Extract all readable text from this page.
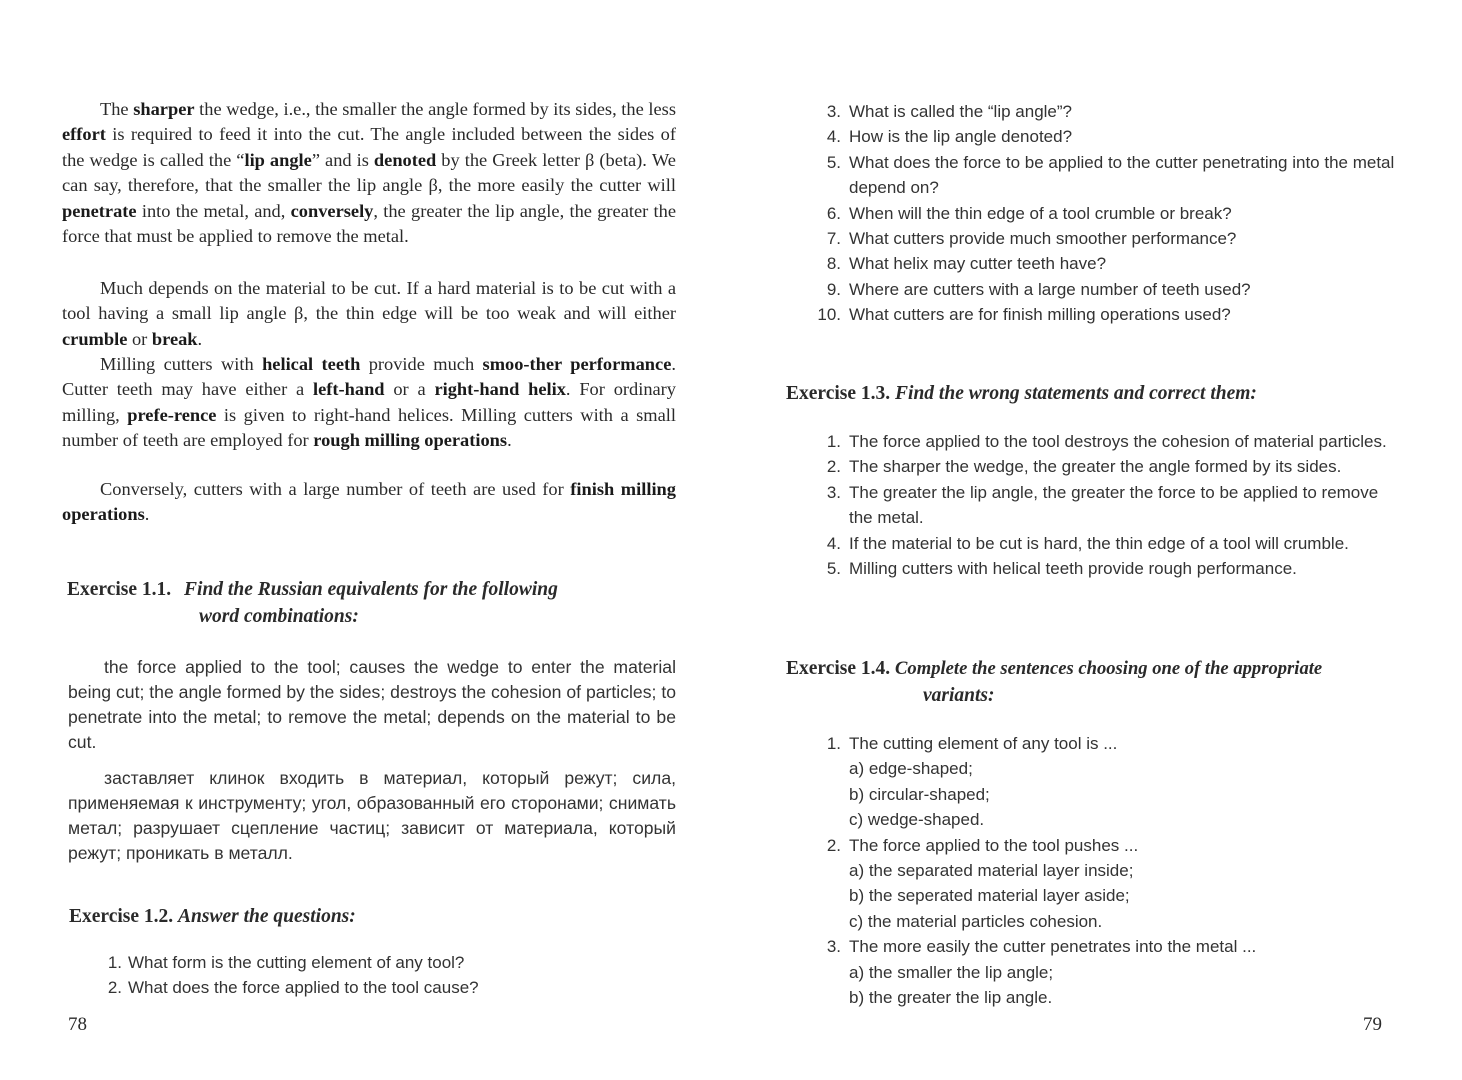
The sharper the wedge, i.e., the smaller the angle formed by its sides, the less effort is required to feed it into the cut. The angle included between the sides of the wedge is called the “lip angle” and is denoted by the Greek letter β (beta). We can say, therefore, that the smaller the lip angle β, the more easily the cutter will penetrate into the metal, and, conversely, the greater the lip angle, the greater the force that must be applied to remove the metal.

Much depends on the material to be cut. If a hard material is to be cut with a tool having a small lip angle β, the thin edge will be too weak and will either crumble or break.

Milling cutters with helical teeth provide much smoo-ther performance. Cutter teeth may have either a left-hand or a right-hand helix. For ordinary milling, prefe-rence is given to right-hand helices. Milling cutters with a small number of teeth are employed for rough milling operations.

Conversely, cutters with a large number of teeth are used for finish milling operations.

Exercise 1.1. Find the Russian equivalents for the following
word combinations:

the force applied to the tool; causes the wedge to enter the material being cut; the angle formed by the sides; destroys the cohesion of particles; to penetrate into the metal; to remove the metal; depends on the material to be cut.

заставляет клинок входить в материал, который режут; сила, применяемая к инструменту; угол, образованный его сторонами; снимать метал; разрушает сцепление частиц; зависит от материала, который режут; проникать в металл.

Exercise 1.2. Answer the questions:
1. What form is the cutting element of any tool?
2. What does the force applied to the tool cause?
78
3. What is called the “lip angle”?
4. How is the lip angle denoted?
5. What does the force to be applied to the cutter penetrating into the metal depend on?
6. When will the thin edge of a tool crumble or break?
7. What cutters provide much smoother performance?
8. What helix may cutter teeth have?
9. Where are cutters with a large number of teeth used?
10. What cutters are for finish milling operations used?
Exercise 1.3. Find the wrong statements and correct them:
1. The force applied to the tool destroys the cohesion of material particles.
2. The sharper the wedge, the greater the angle formed by its sides.
3. The greater the lip angle, the greater the force to be applied to remove the metal.
4. If the material to be cut is hard, the thin edge of a tool will crumble.
5. Milling cutters with helical teeth provide rough performance.
Exercise 1.4. Complete the sentences choosing one of the appropriate
variants:
1. The cutting element of any tool is ...
a) edge-shaped;
b) circular-shaped;
c) wedge-shaped.
2. The force applied to the tool pushes ...
a) the separated material layer inside;
b) the seperated material layer aside;
c) the material particles cohesion.
3. The more easily the cutter penetrates into the metal ...
a) the smaller the lip angle;
b) the greater the lip angle.
79
